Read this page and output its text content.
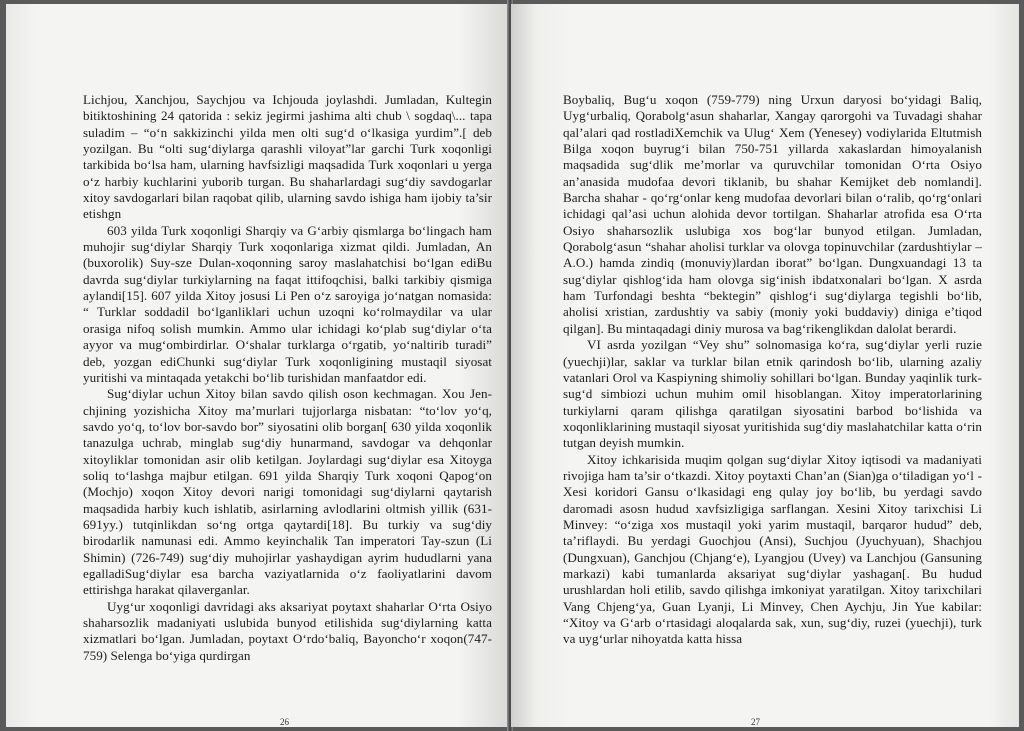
Lichjou, Xanchjou, Saychjou va Ichjouda joylashdi. Jumladan, Kultegin bitiktoshining 24 qatorida : sekiz jegirmi jashima alti chub \ sogdaq\... tapa suladim – “o‘n sakkizinchi yilda men olti sug‘d o‘lkasiga yurdim”.[ deb yozilgan. Bu “olti sug‘diylarga qarashli viloyat”lar garchi Turk xoqonligi tarkibida bo‘lsa ham, ularning havfsizligi maqsadida Turk xoqonlari u yerga o‘z harbiy kuchlarini yuborib turgan. Bu shaharlardagi sug‘diy savdogarlar xitoy savdogarlari bilan raqobat qilib, ularning savdo ishiga ham ijobiy ta’sir etishgn

603 yilda Turk xoqonligi Sharqiy va G‘arbiy qismlarga bo‘lingach ham muhojir sug‘diylar Sharqiy Turk xoqonlariga xizmat qildi. Jumladan, An (buxorolik) Suy-sze Dulan-xoqonning saroy maslahatchisi bo‘lgan ediBu davrda sug‘diylar turkiylarning na faqat ittifoqchisi, balki tarkibiy qismiga aylandi[15]. 607 yilda Xitoy josusi Li Pen o‘z saroyiga jo‘natgan nomasida: “ Turklar soddadil bo‘lganliklari uchun uzoqni ko‘rolmaydilar va ular orasiga nifoq solish mumkin. Ammo ular ichidagi ko‘plab sug‘diylar o‘ta ayyor va mug‘ombirdirlar. O‘shalar turklarga o‘rgatib, yo‘naltirib turadi” deb, yozgan ediChunki sug‘diylar Turk xoqonligining mustaqil siyosat yuritishi va mintaqada yetakchi bo‘lib turishidan manfaatdor edi.

Sug‘diylar uchun Xitoy bilan savdo qilish oson kechmagan. Xou Jen-chjining yozishicha Xitoy ma’murlari tujjorlarga nisbatan: “to‘lov yo‘q, savdo yo‘q, to‘lov bor-savdo bor” siyosatini olib borgan[ 630 yilda xoqonlik tanazulga uchrab, minglab sug‘diy hunarmand, savdogar va dehqonlar xitoyliklar tomonidan asir olib ketilgan. Joylardagi sug‘diylar esa Xitoyga soliq to‘lashga majbur etilgan. 691 yilda Sharqiy Turk xoqoni Qapog‘on (Mochjo) xoqon Xitoy devori narigi tomonidagi sug‘diylarni qaytarish maqsadida harbiy kuch ishlatib, asirlarning avlodlarini oltmish yillik (631-691yy.) tutqinlikdan so‘ng ortga qaytardi[18]. Bu turkiy va sug‘diy birodarlik namunasi edi. Ammo keyinchalik Tan imperatori Tay-szun (Li Shimin) (726-749) sug‘diy muhojirlar yashaydigan ayrim hududlarni yana egalladiSug‘diylar esa barcha vaziyatlarnida o‘z faoliyatlarini davom ettirishga harakat qilaverganlar.

Uyg‘ur xoqonligi davridagi aks aksariyat poytaxt shaharlar O‘rta Osiyo shaharsozlik madaniyati uslubida bunyod etilishida sug‘diylarning katta xizmatlari bo‘lgan. Jumladan, poytaxt O‘rdo‘baliq, Bayoncho‘r xoqon(747-759) Selenga bo‘yiga qurdirgan

26

Boybaliq, Bug‘u xoqon (759-779) ning Urxun daryosi bo‘yidagi Baliq, Uyg‘urbaliq, Qorabolg‘asun shaharlar, Xangay qarorgohi va Tuvadagi shahar qal’alari qad rostladiXemchik va Ulug‘ Xem (Yenesey) vodiylarida Eltutmish Bilga xoqon buyrug‘i bilan 750-751 yillarda xakaslardan himoyalanish maqsadida sug‘dlik me’morlar va quruvchilar tomonidan O‘rta Osiyo an’anasida mudofaa devori tiklanib, bu shahar Kemijket deb nomlandi]. Barcha shahar - qo‘rg‘onlar keng mudofaa devorlari bilan o‘ralib, qo‘rg‘onlari ichidagi qal’asi uchun alohida devor tortilgan. Shaharlar atrofida esa O‘rta Osiyo shaharsozlik uslubiga xos bog‘lar bunyod etilgan. Jumladan, Qorabolg‘asun “shahar aholisi turklar va olovga topinuvchilar (zardushtiylar – A.O.) hamda zindiq (monuviy)lardan iborat” bo‘lgan. Dungxuandagi 13 ta sug‘diylar qishlog‘ida ham olovga sig‘inish ibdatxonalari bo‘lgan. X asrda ham Turfondagi beshta “bektegin” qishlog‘i sug‘diylarga tegishli bo‘lib, aholisi xristian, zardushtiy va sabiy (moniy yoki buddaviy) diniga e’tiqod qilgan]. Bu mintaqadagi diniy murosa va bag‘rikenglikdan dalolat berardi.

VI asrda yozilgan “Vey shu” solnomasiga ko‘ra, sug‘diylar yerli ruzie (yuechji)lar, saklar va turklar bilan etnik qarindosh bo‘lib, ularning azaliy vatanlari Orol va Kaspiyning shimoliy sohillari bo‘lgan. Bunday yaqinlik turk-sug‘d simbiozi uchun muhim omil hisoblangan. Xitoy imperatorlarining turkiylarni qaram qilishga qaratilgan siyosatini barbod bo‘lishida va xoqonliklarining mustaqil siyosat yuritishida sug‘diy maslahatchilar katta o‘rin tutgan deyish mumkin.

Xitoy ichkarisida muqim qolgan sug‘diylar Xitoy iqtisodi va madaniyati rivojiga ham ta’sir o‘tkazdi. Xitoy poytaxti Chan’an (Sian)ga o‘tiladigan yo‘l - Xesi koridori Gansu o‘lkasidagi eng qulay joy bo‘lib, bu yerdagi savdo daromadi asosn hudud xavfsizligiga sarflangan. Xesini Xitoy tarixchisi Li Minvey: “o‘ziga xos mustaqil yoki yarim mustaqil, barqaror hudud” deb, ta’riflaydi. Bu yerdagi Guochjou (Ansi), Suchjou (Jyuchyuan), Shachjou (Dungxuan), Ganchjou (Chjang‘e), Lyangjou (Uvey) va Lanchjou (Gansuning markazi) kabi tumanlarda aksariyat sug‘diylar yashagan[. Bu hudud urushlardan holi etilib, savdo qilishga imkoniyat yaratilgan. Xitoy tarixchilari Vang Chjeng‘ya, Guan Lyanji, Li Minvey, Chen Aychju, Jin Yue kabilar: “Xitoy va G‘arb o‘rtasidagi aloqalarda sak, xun, sug‘diy, ruzei (yuechji), turk va uyg‘urlar nihoyatda katta hissa

27
